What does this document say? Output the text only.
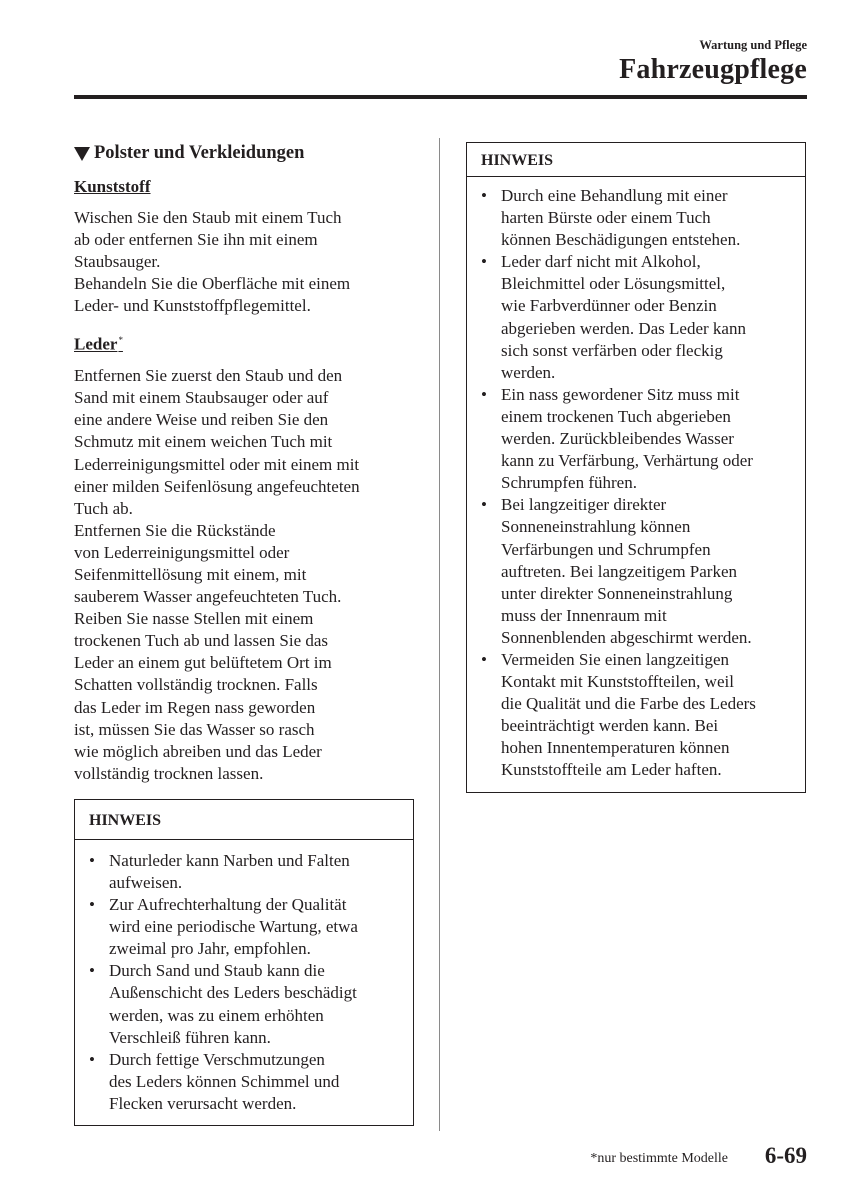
Wartung und Pflege
Fahrzeugpflege
Polster und Verkleidungen
Kunststoff
Wischen Sie den Staub mit einem Tuch
ab oder entfernen Sie ihn mit einem
Staubsauger.
Behandeln Sie die Oberfläche mit einem
Leder- und Kunststoffpflegemittel.
Leder*
Entfernen Sie zuerst den Staub und den
Sand mit einem Staubsauger oder auf
eine andere Weise und reiben Sie den
Schmutz mit einem weichen Tuch mit
Lederreinigungsmittel oder mit einem mit
einer milden Seifenlösung angefeuchteten
Tuch ab.
Entfernen Sie die Rückstände
von Lederreinigungsmittel oder
Seifenmittellösung mit einem, mit
sauberem Wasser angefeuchteten Tuch.
Reiben Sie nasse Stellen mit einem
trockenen Tuch ab und lassen Sie das
Leder an einem gut belüftetem Ort im
Schatten vollständig trocknen. Falls
das Leder im Regen nass geworden
ist, müssen Sie das Wasser so rasch
wie möglich abreiben und das Leder
vollständig trocknen lassen.
HINWEIS
• Naturleder kann Narben und Falten
aufweisen.
• Zur Aufrechterhaltung der Qualität
wird eine periodische Wartung, etwa
zweimal pro Jahr, empfohlen.
• Durch Sand und Staub kann die
Außenschicht des Leders beschädigt
werden, was zu einem erhöhten
Verschleiß führen kann.
• Durch fettige Verschmutzungen
des Leders können Schimmel und
Flecken verursacht werden.
HINWEIS
• Durch eine Behandlung mit einer
harten Bürste oder einem Tuch
können Beschädigungen entstehen.
• Leder darf nicht mit Alkohol,
Bleichmittel oder Lösungsmittel,
wie Farbverdünner oder Benzin
abgerieben werden. Das Leder kann
sich sonst verfärben oder fleckig
werden.
• Ein nass gewordener Sitz muss mit
einem trockenen Tuch abgerieben
werden. Zurückbleibendes Wasser
kann zu Verfärbung, Verhärtung oder
Schrumpfen führen.
• Bei langzeitiger direkter
Sonneneinstrahlung können
Verfärbungen und Schrumpfen
auftreten. Bei langzeitigem Parken
unter direkter Sonneneinstrahlung
muss der Innenraum mit
Sonnenblenden abgeschirmt werden.
• Vermeiden Sie einen langzeitigen
Kontakt mit Kunststoffteilen, weil
die Qualität und die Farbe des Leders
beeinträchtigt werden kann. Bei
hohen Innentemperaturen können
Kunststoffteile am Leder haften.
*nur bestimmte Modelle 6-69
